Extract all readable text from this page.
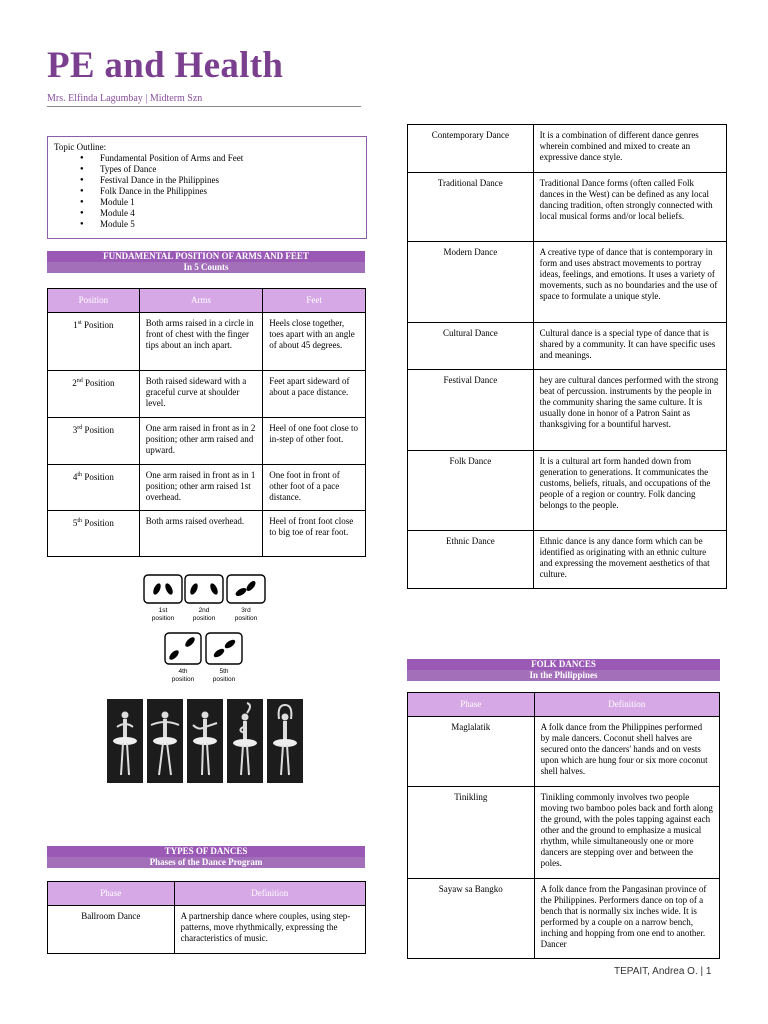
PE and Health
Mrs. Elfinda Lagumbay | Midterm Szn
Topic Outline:
● Fundamental Position of Arms and Feet
● Types of Dance
● Festival Dance in the Philippines
● Folk Dance in the Philippines
● Module 1
● Module 4
● Module 5
FUNDAMENTAL POSITION OF ARMS AND FEET
In 5 Counts
Position	Arms	Feet
1st Position	Both arms raised in a circle in front of chest with the finger tips about an inch apart.	Heels close together, toes apart with an angle of about 45 degrees.
2nd Position	Both raised sideward with a graceful curve at shoulder level.	Feet apart sideward of about a pace distance.
3rd Position	One arm raised in front as in 2 position; other arm raised and upward.	Heel of one foot close to in-step of other foot.
4th Position	One arm raised in front as in 1 position; other arm raised 1st overhead.	One foot in front of other foot of a pace distance.
5th Position	Both arms raised overhead.	Heel of front foot close to big toe of rear foot.
1st
position
2nd
position
3rd
position
4th
position
5th
position
TYPES OF DANCES
Phases of the Dance Program
Phase	Definition
Ballroom Dance	A partnership dance where couples, using step-patterns, move rhythmically, expressing the characteristics of music.
Contemporary Dance	It is a combination of different dance genres wherein combined and mixed to create an expressive dance style.
Traditional Dance	Traditional Dance forms (often called Folk dances in the West) can be defined as any local dancing tradition, often strongly connected with local musical forms and/or local beliefs.
Modern Dance	A creative type of dance that is contemporary in form and uses abstract movements to portray ideas, feelings, and emotions. It uses a variety of movements, such as no boundaries and the use of space to formulate a unique style.
Cultural Dance	Cultural dance is a special type of dance that is shared by a community. It can have specific uses and meanings.
Festival Dance	hey are cultural dances performed with the strong beat of percussion. instruments by the people in the community sharing the same culture. It is usually done in honor of a Patron Saint as thanksgiving for a bountiful harvest.
Folk Dance	It is a cultural art form handed down from generation to generations. It communicates the customs, beliefs, rituals, and occupations of the people of a region or country. Folk dancing belongs to the people.
Ethnic Dance	Ethnic dance is any dance form which can be identified as originating with an ethnic culture and expressing the movement aesthetics of that culture.
FOLK DANCES
In the Philippines
Phase	Definition
Maglalatik	A folk dance from the Philippines performed by male dancers. Coconut shell halves are secured onto the dancers' hands and on vests upon which are hung four or six more coconut shell halves.
Tinikling	Tinikling commonly involves two people moving two bamboo poles back and forth along the ground, with the poles tapping against each other and the ground to emphasize a musical rhythm, while simultaneously one or more dancers are stepping over and between the poles.
Sayaw sa Bangko	A folk dance from the Pangasinan province of the Philippines. Performers dance on top of a bench that is normally six inches wide. It is performed by a couple on a narrow bench, inching and hopping from one end to another. Dancer
TEPAIT, Andrea O. | 1
